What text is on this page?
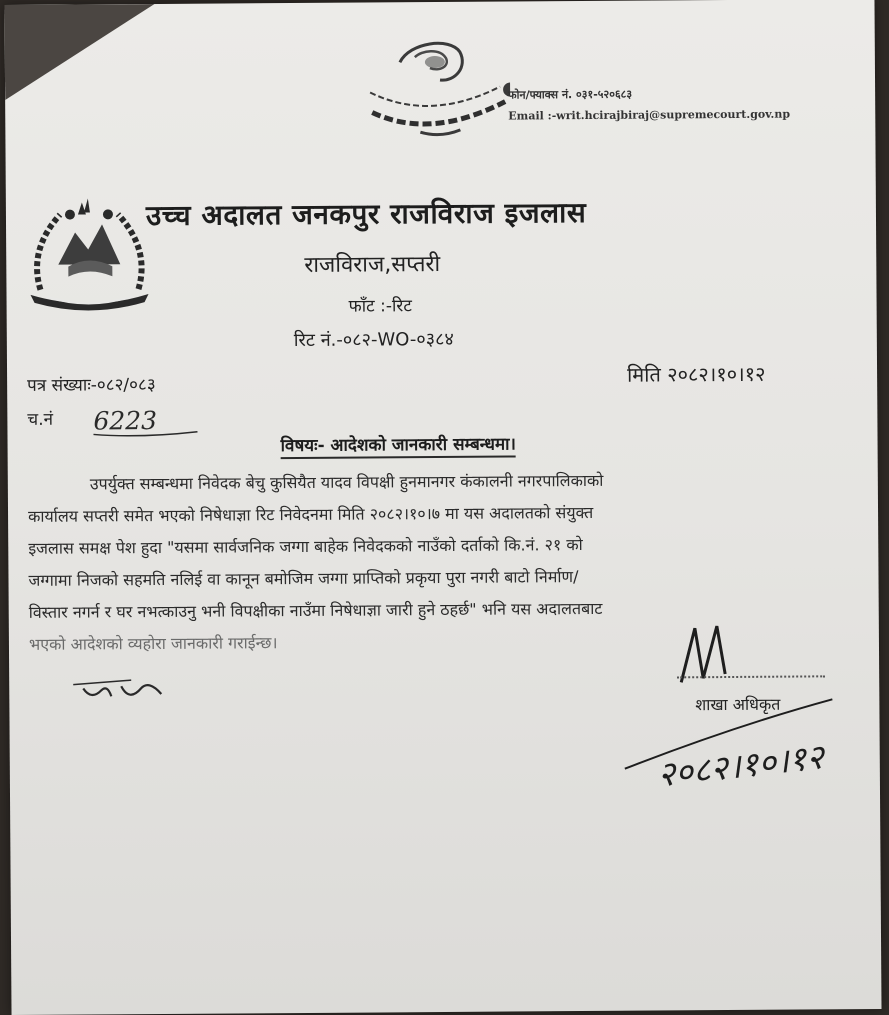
फोन/फ्याक्स नं. ०३१-५२०६८३
Email :-writ.hcirajbiraj@supremecourt.gov.np
उच्च अदालत जनकपुर राजविराज इजलास
राजविराज,सप्तरी
फाँट :-रिट
रिट नं.-०८२-WO-०३८४
पत्र संख्याः-०८२/०८३	मिति २०८२।१०।१२
च.नं 6223
विषयः- आदेशको जानकारी सम्बन्धमा।
उपर्युक्त सम्बन्धमा निवेदक बेचु कुसियैत यादव विपक्षी हुनमानगर कंकालनी नगरपालिकाको
कार्यालय सप्तरी समेत भएको निषेधाज्ञा रिट निवेदनमा मिति २०८२।१०।७ मा यस अदालतको संयुक्त
इजलास समक्ष पेश हुदा "यसमा सार्वजनिक जग्गा बाहेक निवेदकको नाउँको दर्ताको कि.नं. २१ को
जग्गामा निजको सहमति नलिई वा कानून बमोजिम जग्गा प्राप्तिको प्रकृया पुरा नगरी बाटो निर्माण/
विस्तार नगर्न र घर नभत्काउनु भनी विपक्षीका नाउँमा निषेधाज्ञा जारी हुने ठहर्छ" भनि यस अदालतबाट
भएको आदेशको व्यहोरा जानकारी गराईन्छ।
शाखा अधिकृत
२०८२।१०।१२
